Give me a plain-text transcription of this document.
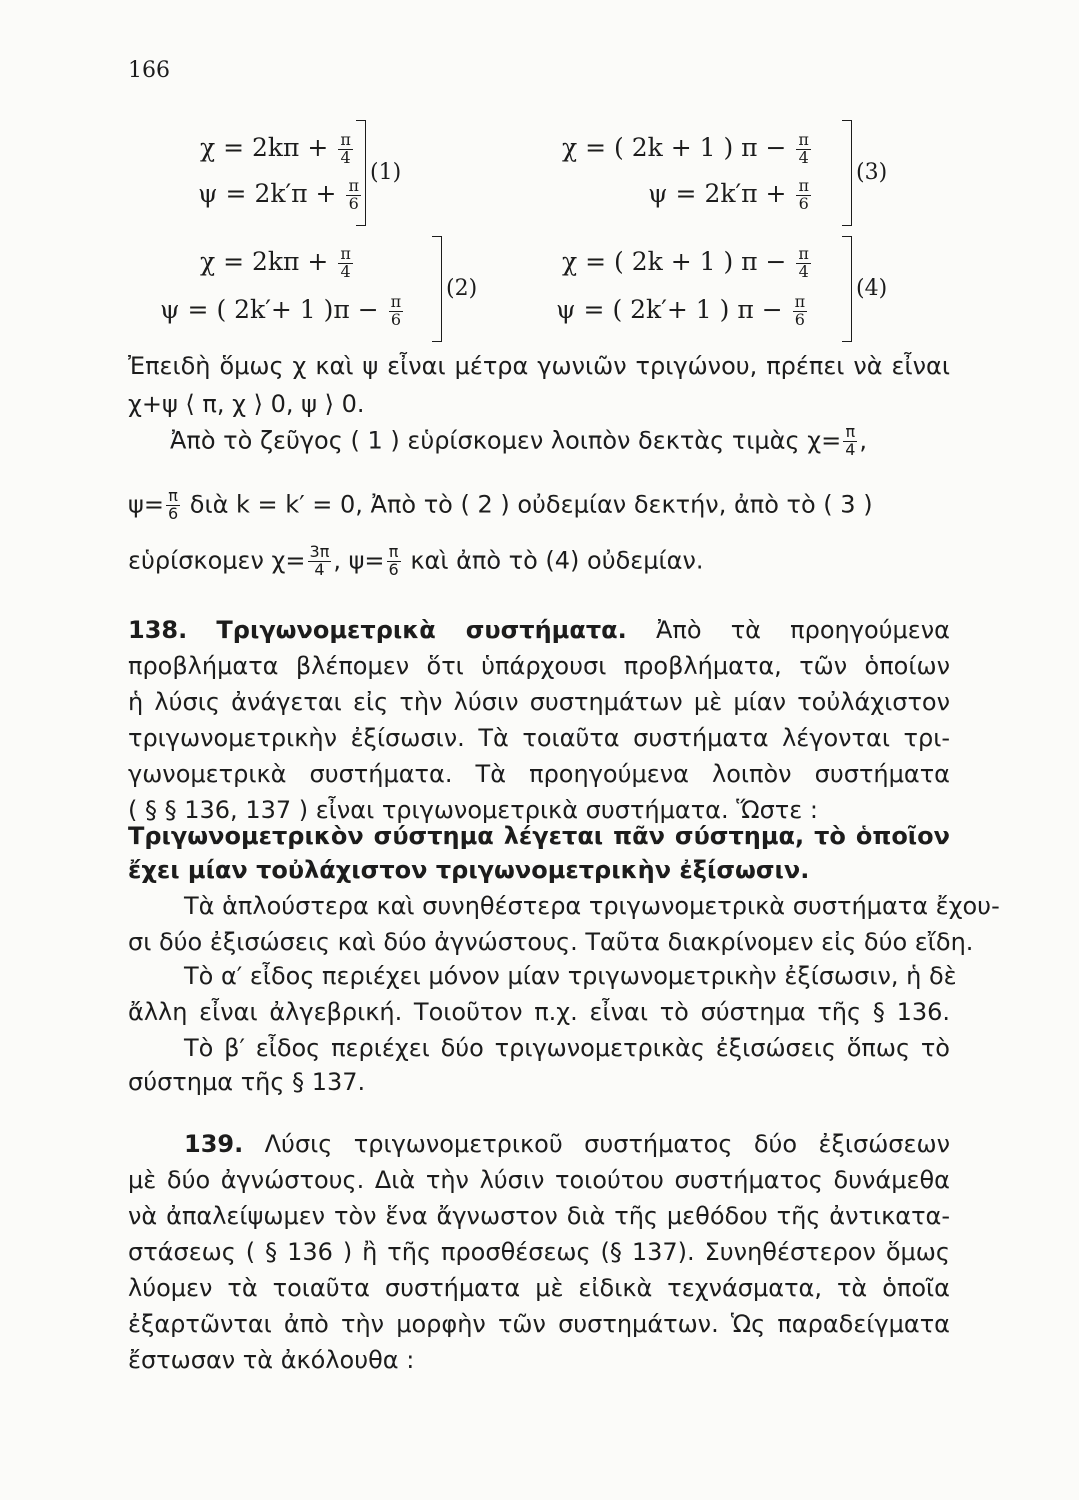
166
$\chi = 2k\pi + \frac{\pi}{4}$
$\psi = 2k'\pi + \frac{\pi}{6}$
(1)
χ = ( 2k + 1 ) $\pi - \frac{\pi}{4}$
$\psi = 2k'\pi + \frac{\pi}{6}$
(3)
$\chi = 2k\pi + \frac{\pi}{4}$
ψ = ( 2k′+ 1 )$\pi - \frac{\pi}{6}$
(2)
χ = ( 2k + 1 ) $\pi - \frac{\pi}{4}$
ψ = ( 2k′+ 1 ) $\pi - \frac{\pi}{6}$
(4)
Ἐπειδὴ ὅμως χ καὶ ψ εἶναι μέτρα γωνιῶν τριγώνου, πρέπει νὰ εἶναι
χ+ψ ⟨ π, χ ⟩ 0, ψ ⟩ 0.
Ἀπὸ τὸ ζεῦγος ( 1 ) εὑρίσκομεν λοιπὸν δεκτὰς τιμὰς $\chi= \frac{\pi}{4}$ ,
$\psi= \frac{\pi}{6}$ διὰ k = k′ = 0, Ἀπὸ τὸ ( 2 ) οὐδεμίαν δεκτήν, ἀπὸ τὸ ( 3 )
εὑρίσκομεν $\chi= \frac{3\pi}{4}$ , $\psi= \frac{\pi}{6}$ καὶ ἀπὸ τὸ (4) οὐδεμίαν.
138. Τριγωνομετρικὰ συστήματα. Ἀπὸ τὰ προηγούμενα
προβλήματα βλέπομεν ὅτι ὑπάρχουσι προβλήματα, τῶν ὁποίων
ἡ λύσις ἀνάγεται εἰς τὴν λύσιν συστημάτων μὲ μίαν τοὐλάχιστον
τριγωνομετρικὴν ἐξίσωσιν. Τὰ τοιαῦτα συστήματα λέγονται τρι-
γωνομετρικὰ συστήματα. Τὰ προηγούμενα λοιπὸν συστήματα
( § § 136, 137 ) εἶναι τριγωνομετρικὰ συστήματα. Ὥστε :
Τριγωνομετρικὸν σύστημα λέγεται πᾶν σύστημα, τὸ ὁποῖον
ἔχει μίαν τοὐλάχιστον τριγωνομετρικὴν ἐξίσωσιν.
Τὰ ἁπλούστερα καὶ συνηθέστερα τριγωνομετρικὰ συστήματα ἔχου-
σι δύο ἐξισώσεις καὶ δύο ἀγνώστους. Ταῦτα διακρίνομεν εἰς δύο εἴδη.
Τὸ α′ εἶδος περιέχει μόνον μίαν τριγωνομετρικὴν ἐξίσωσιν, ἡ δὲ
ἄλλη εἶναι ἀλγεβρική. Τοιοῦτον π.χ. εἶναι τὸ σύστημα τῆς § 136.
Τὸ β′ εἶδος περιέχει δύο τριγωνομετρικὰς ἐξισώσεις ὅπως τὸ
σύστημα τῆς § 137.
139. Λύσις τριγωνομετρικοῦ συστήματος δύο ἐξισώσεων
μὲ δύο ἀγνώστους. Διὰ τὴν λύσιν τοιούτου συστήματος δυνάμεθα
νὰ ἀπαλείψωμεν τὸν ἕνα ἄγνωστον διὰ τῆς μεθόδου τῆς ἀντικατα-
στάσεως ( § 136 ) ἢ τῆς προσθέσεως (§ 137). Συνηθέστερον ὅμως
λύομεν τὰ τοιαῦτα συστήματα μὲ εἰδικὰ τεχνάσματα, τὰ ὁποῖα
ἐξαρτῶνται ἀπὸ τὴν μορφὴν τῶν συστημάτων. Ὡς παραδείγματα
ἔστωσαν τὰ ἀκόλουθα :
